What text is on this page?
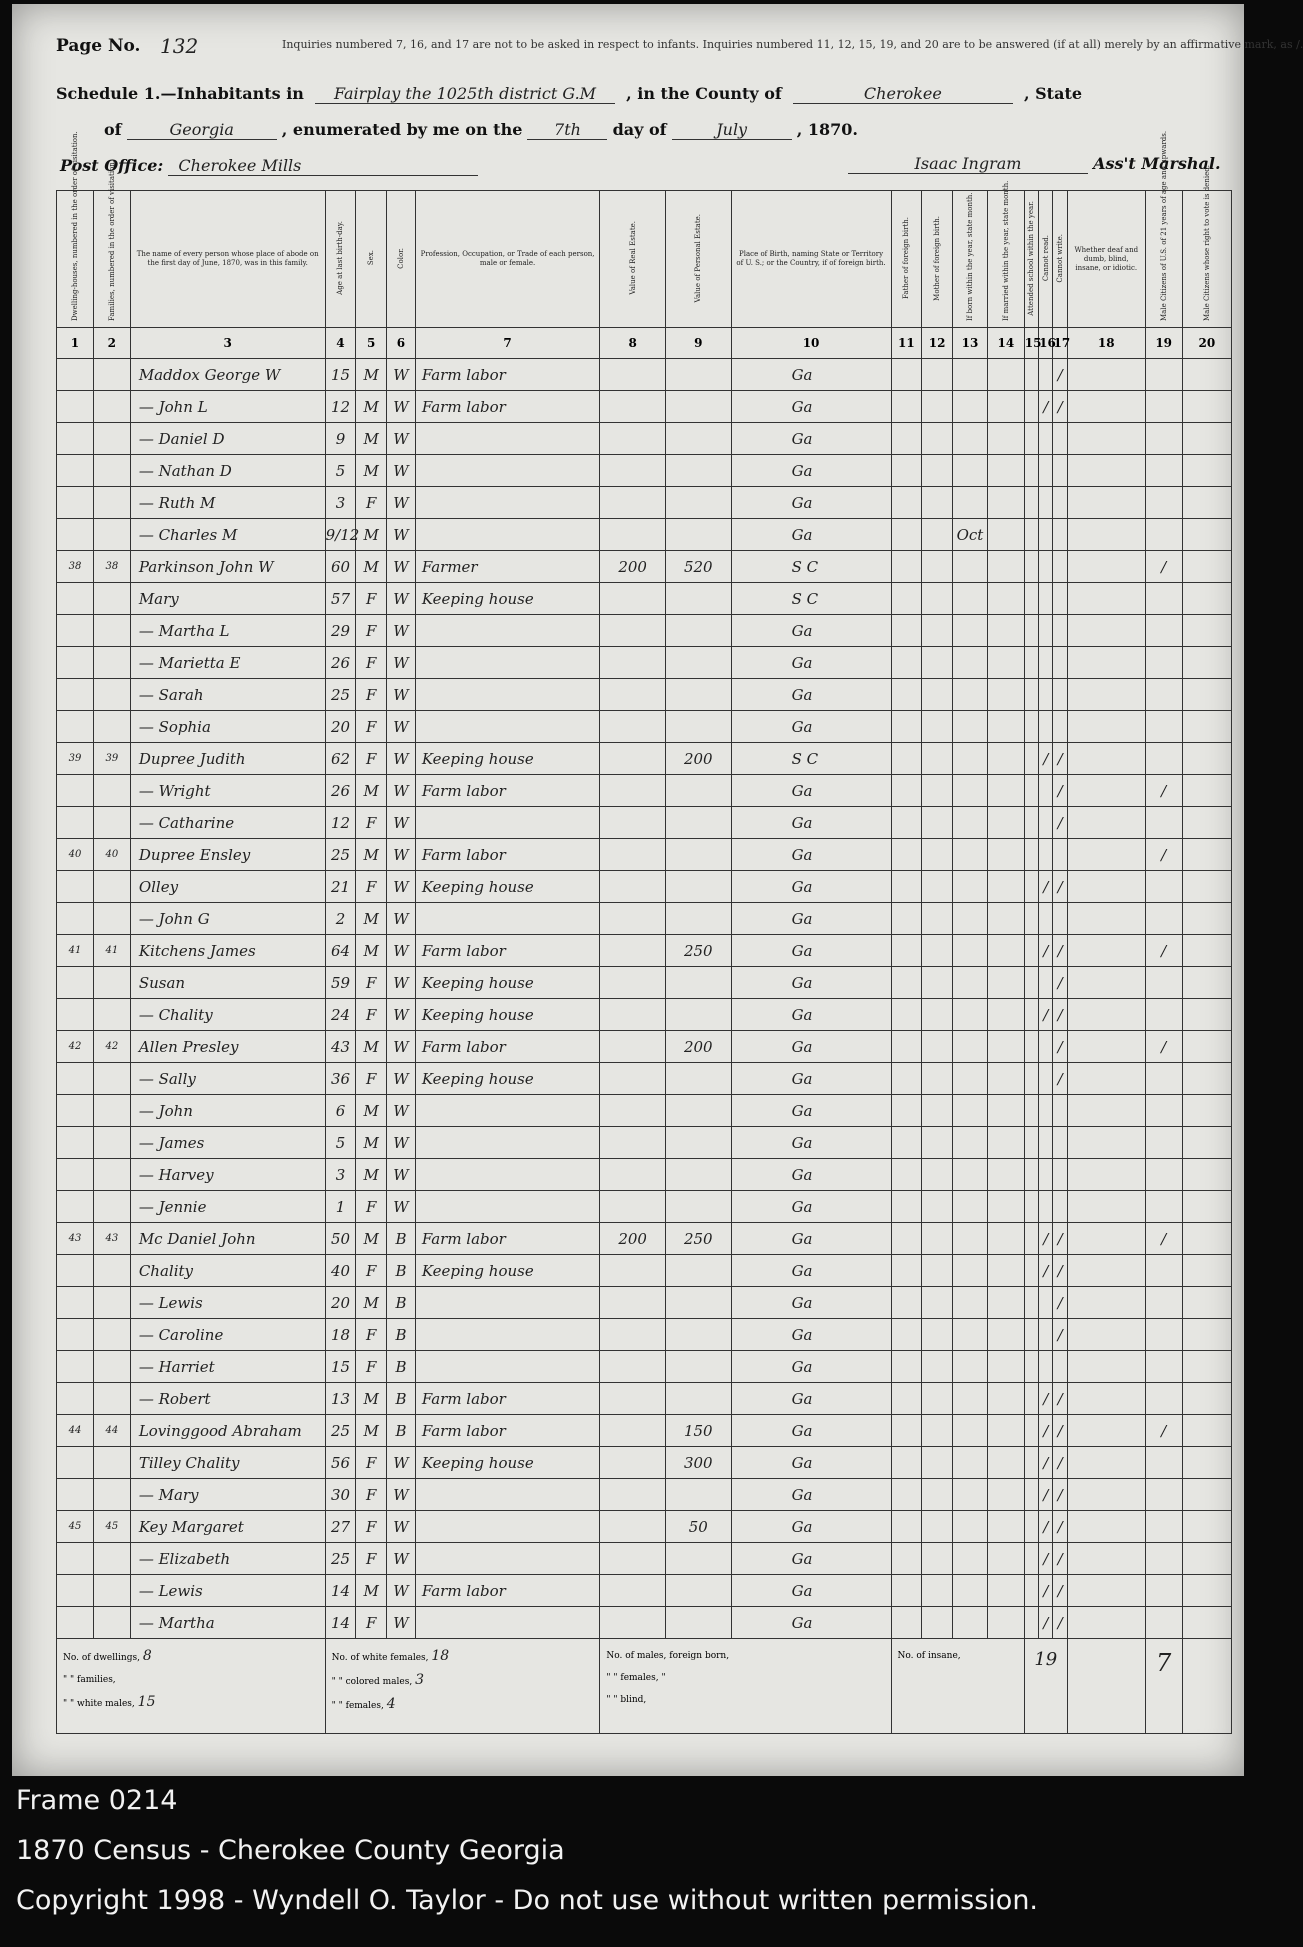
Inquiries numbered 7, 16, and 17 are not to be asked in respect to infants. Inquiries numbered 11, 12, 15, 19, and 20 are to be answered (if at all) merely by an affirmative mark, as /.
Page No. 132
Schedule 1.—Inhabitants in Fairplay the 1025th district G.M , in the County of	Cherokee	, State
of	Georgia	, enumerated by me on the 7th day of	July	, 1870.
Post Office: Cherokee Mills	Isaac Ingram	Ass't Marshal.
Dwelling-houses, numbered in the order of visitation.	Families, numbered in the order of visitation.	The name of every person whose place of abode on the first day of June, 1870, was in this family.	Age at last birth-day.	Sex.	Color.	Profession, Occupation, or Trade of each person, male or female.	Value of Real Estate.	Value of Personal Estate.	Place of Birth, naming State or Territory of U. S.; or the Country, if of foreign birth.	Father of foreign birth.	Mother of foreign birth.	If born within the year, state month.	If married within the year, state month.	Attended school within the year.	Cannot read.	Cannot write.	Whether deaf and dumb, blind, insane, or idiotic.	Male Citizens of U.S. of 21 years of age and upwards.	Male Citizens whose right to vote is denied.
1	2	3	4	5	6	7	8	9	10	11	12	13	14	15	16	17	18	19	20
		Maddox George W	15	M	W	Farm labor			Ga							/			
		— John L	12	M	W	Farm labor			Ga						/	/			
		— Daniel D	9	M	W				Ga										
		— Nathan D	5	M	W				Ga										
		— Ruth M	3	F	W				Ga										
		— Charles M	9/12	M	W				Ga			Oct							
38	38	Parkinson John W	60	M	W	Farmer	200	520	S C									/	
		Mary	57	F	W	Keeping house			S C										
		— Martha L	29	F	W				Ga										
		— Marietta E	26	F	W				Ga										
		— Sarah	25	F	W				Ga										
		— Sophia	20	F	W				Ga										
39	39	Dupree Judith	62	F	W	Keeping house		200	S C						/	/			
		— Wright	26	M	W	Farm labor			Ga							/		/	
		— Catharine	12	F	W				Ga							/			
40	40	Dupree Ensley	25	M	W	Farm labor			Ga									/	
		Olley	21	F	W	Keeping house			Ga						/	/			
		— John G	2	M	W				Ga										
41	41	Kitchens James	64	M	W	Farm labor		250	Ga						/	/		/	
		Susan	59	F	W	Keeping house			Ga							/			
		— Chality	24	F	W	Keeping house			Ga						/	/			
42	42	Allen Presley	43	M	W	Farm labor		200	Ga							/		/	
		— Sally	36	F	W	Keeping house			Ga							/			
		— John	6	M	W				Ga										
		— James	5	M	W				Ga										
		— Harvey	3	M	W				Ga										
		— Jennie	1	F	W				Ga										
43	43	Mc Daniel John	50	M	B	Farm labor	200	250	Ga						/	/		/	
		Chality	40	F	B	Keeping house			Ga						/	/			
		— Lewis	20	M	B				Ga							/			
		— Caroline	18	F	B				Ga							/			
		— Harriet	15	F	B				Ga										
		— Robert	13	M	B	Farm labor			Ga						/	/			
44	44	Lovinggood Abraham	25	M	B	Farm labor		150	Ga						/	/		/	
		Tilley Chality	56	F	W	Keeping house		300	Ga						/	/			
		— Mary	30	F	W				Ga						/	/			
45	45	Key Margaret	27	F	W			50	Ga						/	/			
		— Elizabeth	25	F	W				Ga						/	/			
		— Lewis	14	M	W	Farm labor			Ga						/	/			
		— Martha	14	F	W				Ga						/	/			

No. of dwellings, 8
" " families,
" " white males, 15			No. of white females, 18
" " colored males, 3
" " females, 4				No. of males, foreign born,
" " females, "
" " blind,			No. of insane,				19				7	
Frame 0214
1870 Census - Cherokee County Georgia
Copyright 1998 - Wyndell O. Taylor - Do not use without written permission.
